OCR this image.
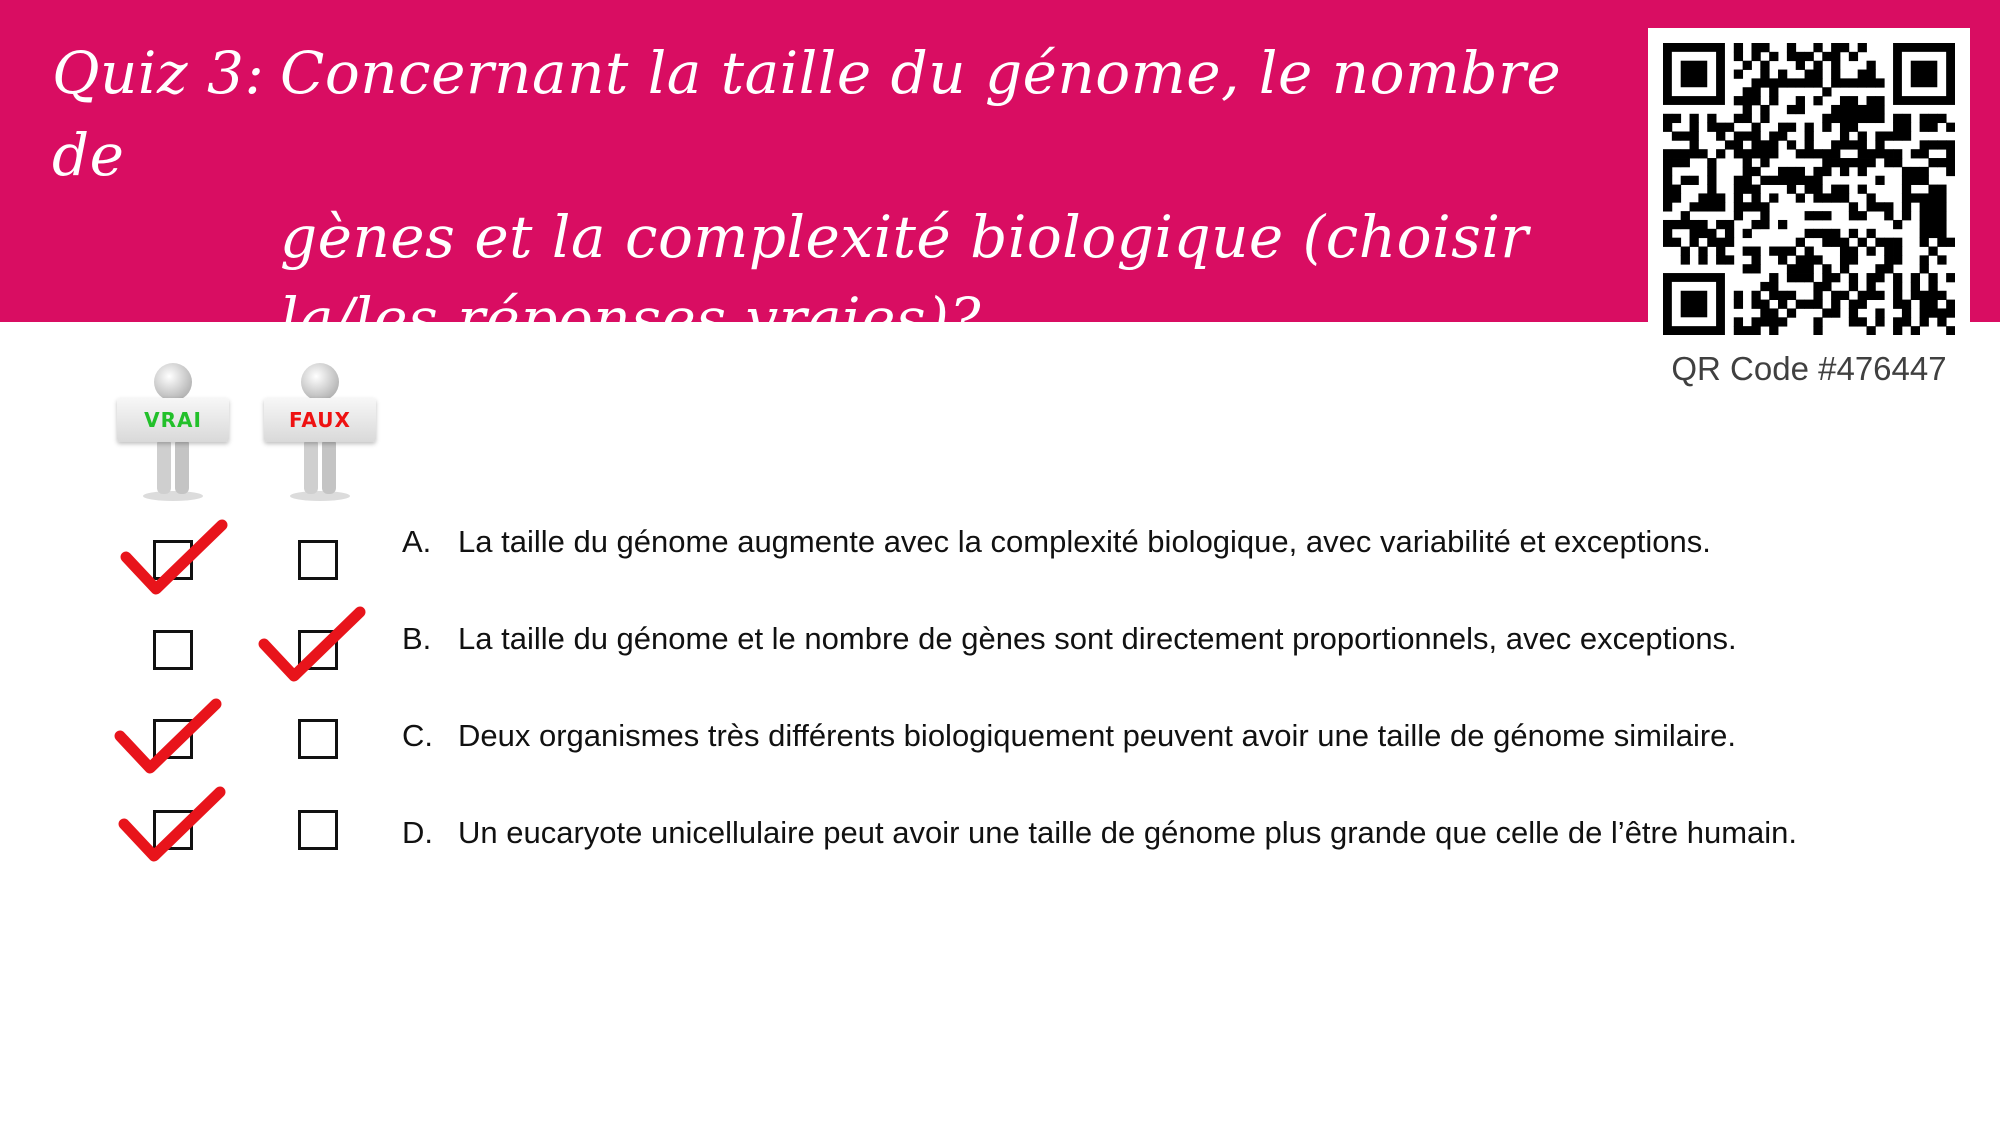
Quiz 3: Concernant la taille du génome, le nombre de
gènes et la complexité biologique (choisir
la/les réponses vraies)?
QR Code #476447
VRAI	FAUX
A. La taille du génome augmente avec la complexité biologique, avec variabilité et exceptions.
B. La taille du génome et le nombre de gènes sont directement proportionnels, avec exceptions.
C. Deux organismes très différents biologiquement peuvent avoir une taille de génome similaire.
D. Un eucaryote unicellulaire peut avoir une taille de génome plus grande que celle de l’être humain.
